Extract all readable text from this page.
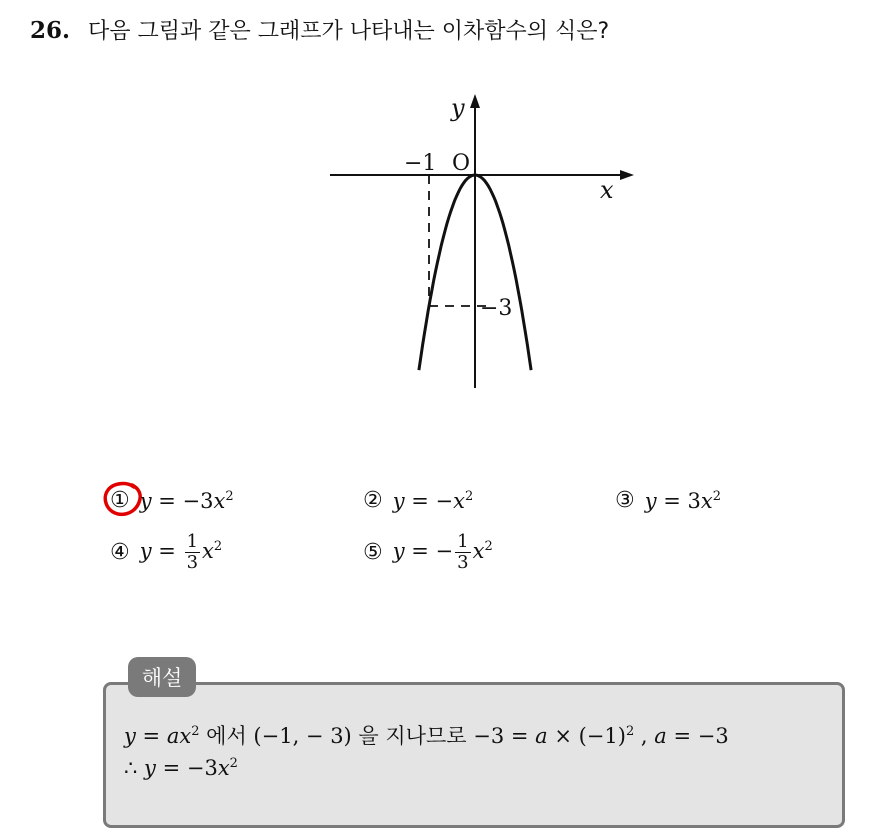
26. 다음 그림과 같은 그래프가 나타내는 이차함수의 식은?
y
x
O
−1
−3
① $y = -3x^2$	② $y = -x^2$	③ $y = 3x^2$
④ $y = \frac{1}{3} x^2$	⑤ y = − $\frac{1}{3} x^2$
해설
$y = ax^2$ 에서 (−1, − 3) 을 지나므로 $-3 = a \times (-1)^2$ , a = −3
∴ $y = -3x^2$
